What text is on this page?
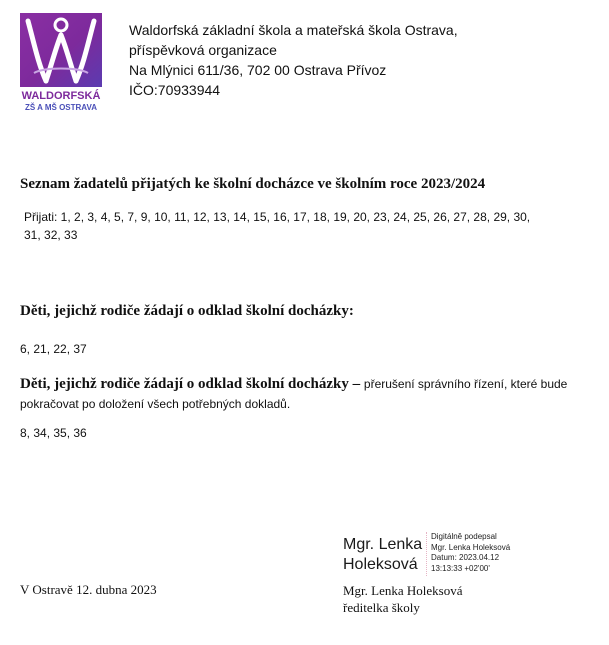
WALDORFSKÁ
ZŠ A MŠ OSTRAVA
Waldorfská základní škola a mateřská škola Ostrava,
příspěvková organizace
Na Mlýnici 611/36, 702 00 Ostrava Přívoz
IČO:70933944
Seznam žadatelů přijatých ke školní docházce ve školním roce 2023/2024
Přijati: 1, 2, 3, 4, 5, 7, 9, 10, 11, 12, 13, 14, 15, 16, 17, 18, 19, 20, 23, 24, 25, 26, 27, 28, 29, 30, 31, 32, 33
Děti, jejichž rodiče žádají o odklad školní docházky:
6, 21, 22, 37
Děti, jejichž rodiče žádají o odklad školní docházky – přerušení správního řízení, které bude pokračovat po doložení všech potřebných dokladů.
8, 34, 35, 36
V Ostravě 12. dubna 2023
Mgr. Lenka
Holeksová
Digitálně podepsal
Mgr. Lenka Holeksová
Datum: 2023.04.12
13:13:33 +02'00'
Mgr. Lenka Holeksová
ředitelka školy
